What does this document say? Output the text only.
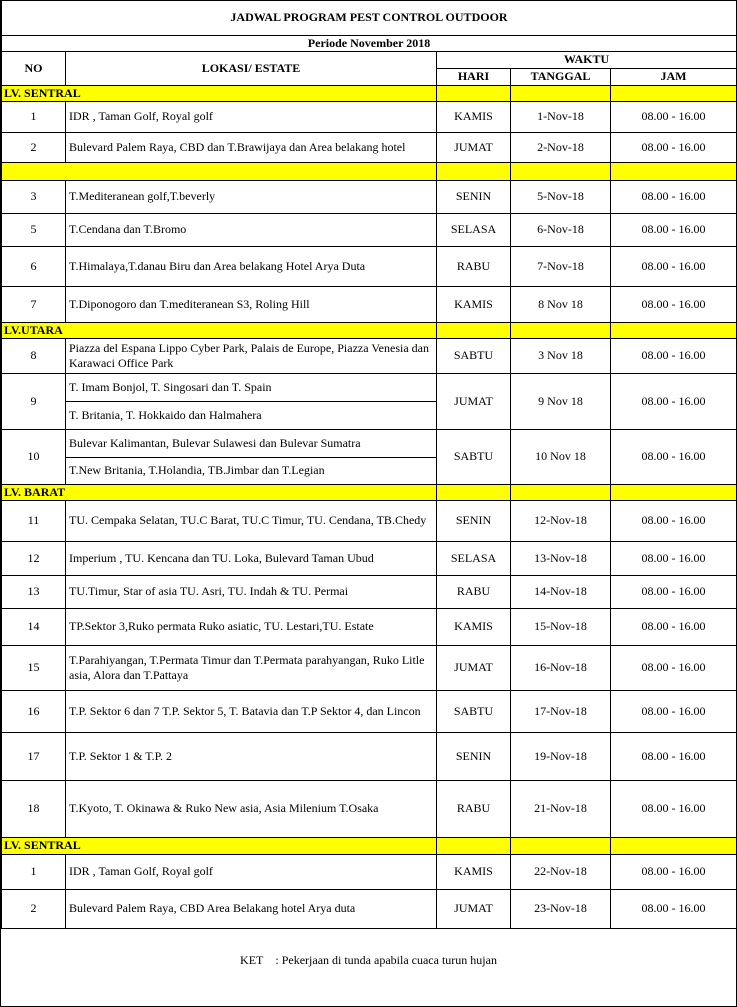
JADWAL PROGRAM PEST CONTROL OUTDOOR				
Periode November 2018				
NO	LOKASI/ ESTATE	WAKTU		
		HARI	TANGGAL	JAM
LV. SENTRAL				
1	IDR , Taman Golf, Royal golf	KAMIS	1-Nov-18	08.00 - 16.00
2	Bulevard Palem Raya, CBD dan T.Brawijaya dan Area belakang hotel	JUMAT	2-Nov-18	08.00 - 16.00

3	T.Mediteranean golf,T.beverly	SENIN	5-Nov-18	08.00 - 16.00
5	T.Cendana dan T.Bromo	SELASA	6-Nov-18	08.00 - 16.00
6	T.Himalaya,T.danau Biru dan Area belakang Hotel Arya Duta	RABU	7-Nov-18	08.00 - 16.00
7	T.Diponogoro dan T.mediteranean S3, Roling Hill	KAMIS	8 Nov 18	08.00 - 16.00
LV.UTARA				
8	Piazza del Espana Lippo Cyber Park, Palais de Europe, Piazza Venesia dan Karawaci Office Park	SABTU	3 Nov 18	08.00 - 16.00
9	T. Imam Bonjol, T. Singosari dan T. Spain	JUMAT	9 Nov 18	08.00 - 16.00
	T. Britania, T. Hokkaido dan Halmahera			
10	Bulevar Kalimantan, Bulevar Sulawesi dan Bulevar Sumatra	SABTU	10 Nov 18	08.00 - 16.00
	T.New Britania, T.Holandia, TB.Jimbar dan T.Legian			
LV. BARAT				
11	TU. Cempaka Selatan, TU.C Barat, TU.C Timur, TU. Cendana, TB.Chedy	SENIN	12-Nov-18	08.00 - 16.00
12	Imperium , TU. Kencana dan TU. Loka, Bulevard Taman Ubud	SELASA	13-Nov-18	08.00 - 16.00
13	TU.Timur, Star of asia TU. Asri, TU. Indah & TU. Permai	RABU	14-Nov-18	08.00 - 16.00
14	TP.Sektor 3,Ruko permata Ruko asiatic, TU. Lestari,TU. Estate	KAMIS	15-Nov-18	08.00 - 16.00
15	T.Parahiyangan, T.Permata Timur dan T.Permata parahyangan, Ruko Litle asia, Alora dan T.Pattaya	JUMAT	16-Nov-18	08.00 - 16.00
16	T.P. Sektor 6 dan 7 T.P. Sektor 5, T. Batavia dan T.P Sektor 4, dan Lincon	SABTU	17-Nov-18	08.00 - 16.00
17	T.P. Sektor 1 & T.P. 2	SENIN	19-Nov-18	08.00 - 16.00
18	T.Kyoto, T. Okinawa & Ruko New asia, Asia Milenium T.Osaka	RABU	21-Nov-18	08.00 - 16.00
LV. SENTRAL				
1	IDR , Taman Golf, Royal golf	KAMIS	22-Nov-18	08.00 - 16.00
2	Bulevard Palem Raya, CBD Area Belakang hotel Arya duta	JUMAT	23-Nov-18	08.00 - 16.00
KET : Pekerjaan di tunda apabila cuaca turun hujan
